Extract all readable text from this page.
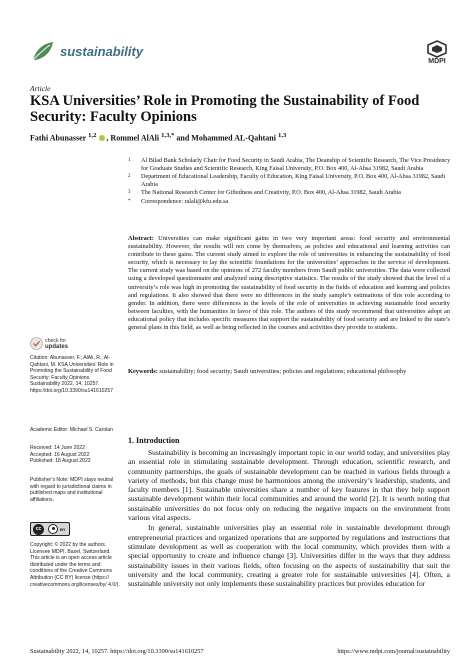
sustainability
MDPI
Article
KSA Universities’ Role in Promoting the Sustainability of Food Security: Faculty Opinions
Fathi Abunasser $^{1,2}$ , Rommel AlAli $^{1,3,*}$ and Mohammed AL-Qahtani $^{1,3}$
1 Al Bilad Bank Scholarly Chair for Food Security in Saudi Arabia, The Deanship of Scientific Research, The Vice Presidency for Graduate Studies and Scientific Research, King Faisal University, P.O. Box 400, Al-Ahsa 31982, Saudi Arabia
2 Department of Educational Leadership, Faculty of Education, King Faisal University, P.O. Box 400, Al-Ahsa 31982, Saudi Arabia
3 The National Research Center for Giftedness and Creativity, P.O. Box 400, Al-Ahsa 31982, Saudi Arabia
* Correspondence: ralali@kfu.edu.sa
Abstract: Universities can make significant gains in two very important areas: food security and environmental sustainability. However, the results will not come by themselves, as policies and educational and learning activities can contribute to these gains. The current study aimed to explore the role of universities in enhancing the sustainability of food security, which is necessary to lay the scientific foundations for the universities’ approaches in the service of development. The current study was based on the opinions of 272 faculty members from Saudi public universities. The data were collected using a developed questionnaire and analyzed using descriptive statistics. The results of the study showed that the level of a university’s role was high in promoting the sustainability of food security in the fields of education and learning and policies and regulations. It also showed that there were no differences in the study sample’s estimations of this role according to gender. In addition, there were differences in the levels of the role of universities in achieving sustainable food security between faculties, with the humanities in favor of this role. The authors of this study recommend that universities adopt an educational policy that includes specific measures that support the sustainability of food security and are linked to the state’s general plans in this field, as well as being reflected in the courses and activities they provide to students.
Keywords: sustainability; food security; Saudi universities; policies and regulations; educational philosophy
check for
updates
Citation: Abunasser, F.; AlAli, R.; Al-Qahtani, M. KSA Universities’ Role in Promoting the Sustainability of Food Security: Faculty Opinions. Sustainability 2022, 14, 10257. https://doi.org/10.3390/su141610257
Academic Editor: Michael S. Carolan
Received: 14 June 2022
Accepted: 16 August 2022
Published: 18 August 2022
Publisher’s Note: MDPI stays neutral with regard to jurisdictional claims in published maps and institutional affiliations.
cc	BY
Copyright: © 2022 by the authors. Licensee MDPI, Basel, Switzerland. This article is an open access article distributed under the terms and conditions of the Creative Commons Attribution (CC BY) license (https:// creativecommons.org/licenses/by/ 4.0/).
1. Introduction

Sustainability is becoming an increasingly important topic in our world today, and universities play an essential role in stimulating sustainable development. Through education, scientific research, and community partnerships, the goals of sustainable development can be reached in various fields through a variety of methods, but this change must be harmonious among the university’s leadership, students, and faculty members [1]. Sustainable universities share a number of key features in that they help support sustainable development within their local communities and around the world [2]. It is worth noting that sustainable universities do not focus only on reducing the negative impacts on the environment from various vital aspects.

In general, sustainable universities play an essential role in sustainable development through entrepreneurial practices and organized operations that are supported by regulations and instructions that stimulate development as well as cooperation with the local community, which provides them with a special opportunity to create and influence change [3]. Universities differ in the ways that they address sustainability issues in their various fields, often focusing on the aspects of sustainability that suit the university and the local community, creating a greater role for sustainable universities [4]. Often, a sustainable university not only implements these sustainability practices but provides education for

Sustainability 2022, 14, 10257. https://doi.org/10.3390/su141610257	https://www.mdpi.com/journal/sustainability
